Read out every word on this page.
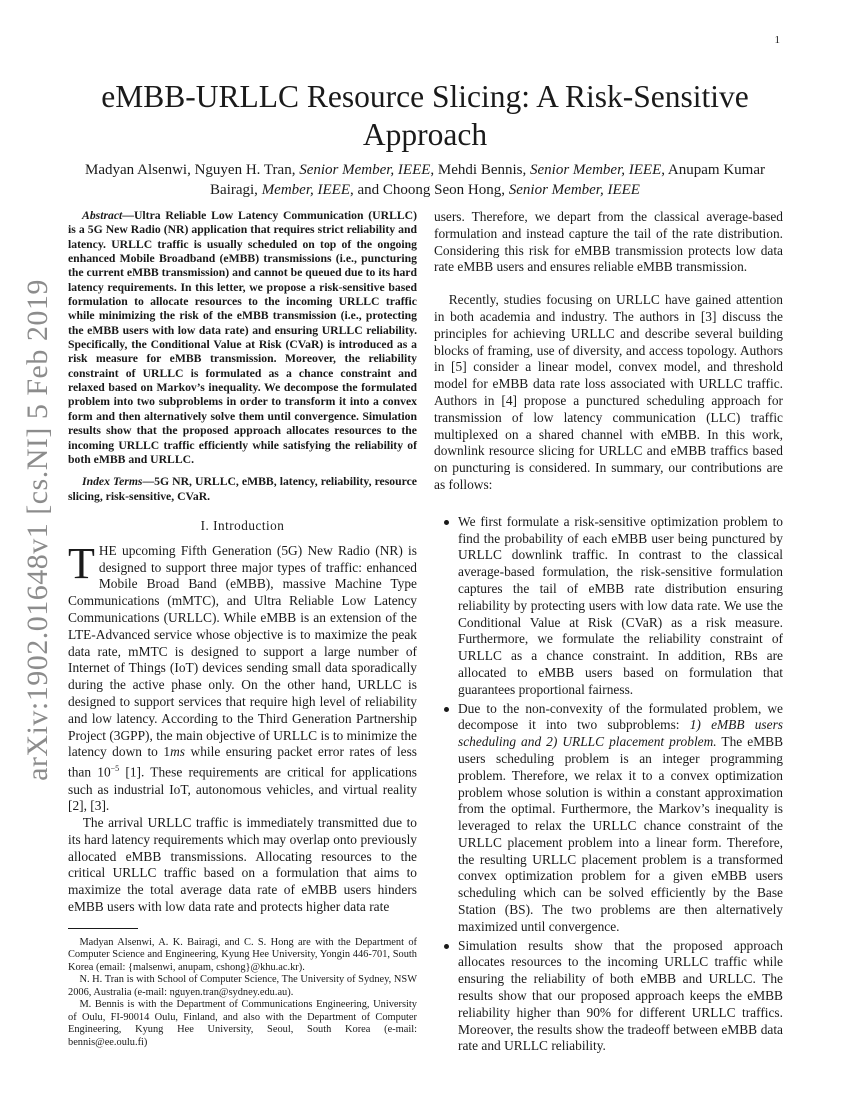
1
arXiv:1902.01648v1 [cs.NI] 5 Feb 2019
eMBB-URLLC Resource Slicing: A Risk-Sensitive Approach

Madyan Alsenwi, Nguyen H. Tran, Senior Member, IEEE, Mehdi Bennis, Senior Member, IEEE, Anupam Kumar Bairagi, Member, IEEE, and Choong Seon Hong, Senior Member, IEEE

Abstract—Ultra Reliable Low Latency Communication (URLLC) is a 5G New Radio (NR) application that requires strict reliability and latency. URLLC traffic is usually scheduled on top of the ongoing enhanced Mobile Broadband (eMBB) transmissions (i.e., puncturing the current eMBB transmission) and cannot be queued due to its hard latency requirements. In this letter, we propose a risk-sensitive based formulation to allocate resources to the incoming URLLC traffic while minimizing the risk of the eMBB transmission (i.e., protecting the eMBB users with low data rate) and ensuring URLLC reliability. Specifically, the Conditional Value at Risk (CVaR) is introduced as a risk measure for eMBB transmission. Moreover, the reliability constraint of URLLC is formulated as a chance constraint and relaxed based on Markov’s inequality. We decompose the formulated problem into two subproblems in order to transform it into a convex form and then alternatively solve them until convergence. Simulation results show that the proposed approach allocates resources to the incoming URLLC traffic efficiently while satisfying the reliability of both eMBB and URLLC.

Index Terms—5G NR, URLLC, eMBB, latency, reliability, resource slicing, risk-sensitive, CVaR.

I. Introduction

THE upcoming Fifth Generation (5G) New Radio (NR) is designed to support three major types of traffic: enhanced Mobile Broad Band (eMBB), massive Machine Type Communications (mMTC), and Ultra Reliable Low Latency Communications (URLLC). While eMBB is an extension of the LTE-Advanced service whose objective is to maximize the peak data rate, mMTC is designed to support a large number of Internet of Things (IoT) devices sending small data sporadically during the active phase only. On the other hand, URLLC is designed to support services that require high level of reliability and low latency. According to the Third Generation Partnership Project (3GPP), the main objective of URLLC is to minimize the latency down to 1ms while ensuring packet error rates of less than $10^{-5}$ [1]. These requirements are critical for applications such as industrial IoT, autonomous vehicles, and virtual reality [2], [3].

The arrival URLLC traffic is immediately transmitted due to its hard latency requirements which may overlap onto previously allocated eMBB transmissions. Allocating resources to the critical URLLC traffic based on a formulation that aims to maximize the total average data rate of eMBB users hinders eMBB users with low data rate and protects higher data rate

Madyan Alsenwi, A. K. Bairagi, and C. S. Hong are with the Department of Computer Science and Engineering, Kyung Hee University, Yongin 446-701, South Korea (email: {malsenwi, anupam, cshong}@khu.ac.kr).

N. H. Tran is with School of Computer Science, The University of Sydney, NSW 2006, Australia (e-mail: nguyen.tran@sydney.edu.au).

M. Bennis is with the Department of Communications Engineering, University of Oulu, FI-90014 Oulu, Finland, and also with the Department of Computer Engineering, Kyung Hee University, Seoul, South Korea (e-mail: bennis@ee.oulu.fi)

users. Therefore, we depart from the classical average-based formulation and instead capture the tail of the rate distribution. Considering this risk for eMBB transmission protects low data rate eMBB users and ensures reliable eMBB transmission.

Recently, studies focusing on URLLC have gained attention in both academia and industry. The authors in [3] discuss the principles for achieving URLLC and describe several building blocks of framing, use of diversity, and access topology. Authors in [5] consider a linear model, convex model, and threshold model for eMBB data rate loss associated with URLLC traffic. Authors in [4] propose a punctured scheduling approach for transmission of low latency communication (LLC) traffic multiplexed on a shared channel with eMBB. In this work, downlink resource slicing for URLLC and eMBB traffics based on puncturing is considered. In summary, our contributions are as follows:

We first formulate a risk-sensitive optimization problem to find the probability of each eMBB user being punctured by URLLC downlink traffic. In contrast to the classical average-based formulation, the risk-sensitive formulation captures the tail of eMBB rate distribution ensuring reliability by protecting users with low data rate. We use the Conditional Value at Risk (CVaR) as a risk measure. Furthermore, we formulate the reliability constraint of URLLC as a chance constraint. In addition, RBs are allocated to eMBB users based on formulation that guarantees proportional fairness.
Due to the non-convexity of the formulated problem, we decompose it into two subproblems: 1) eMBB users scheduling and 2) URLLC placement problem. The eMBB users scheduling problem is an integer programming problem. Therefore, we relax it to a convex optimization problem whose solution is within a constant approximation from the optimal. Furthermore, the Markov’s inequality is leveraged to relax the URLLC chance constraint of the URLLC placement problem into a linear form. Therefore, the resulting URLLC placement problem is a transformed convex optimization problem for a given eMBB users scheduling which can be solved efficiently by the Base Station (BS). The two problems are then alternatively maximized until convergence.
Simulation results show that the proposed approach allocates resources to the incoming URLLC traffic while ensuring the reliability of both eMBB and URLLC. The results show that our proposed approach keeps the eMBB reliability higher than 90% for different URLLC traffics. Moreover, the results show the tradeoff between eMBB data rate and URLLC reliability.
